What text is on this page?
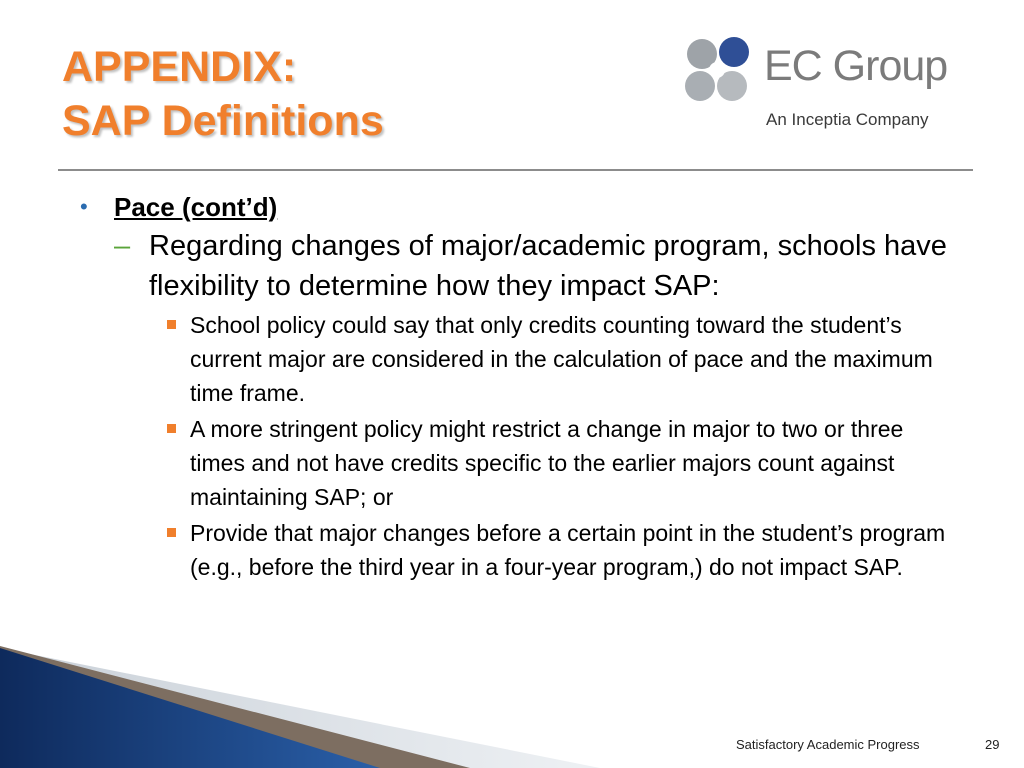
APPENDIX:
SAP Definitions
EC Group
An Inceptia Company
• Pace (cont’d)
– Regarding changes of major/academic program, schools have flexibility to determine how they impact SAP:
School policy could say that only credits counting toward the student’s current major are considered in the calculation of pace and the maximum time frame.
A more stringent policy might restrict a change in major to two or three times and not have credits specific to the earlier majors count against maintaining SAP; or
Provide that major changes before a certain point in the student’s program (e.g., before the third year in a four-year program,) do not impact SAP.
Satisfactory Academic Progress	29
